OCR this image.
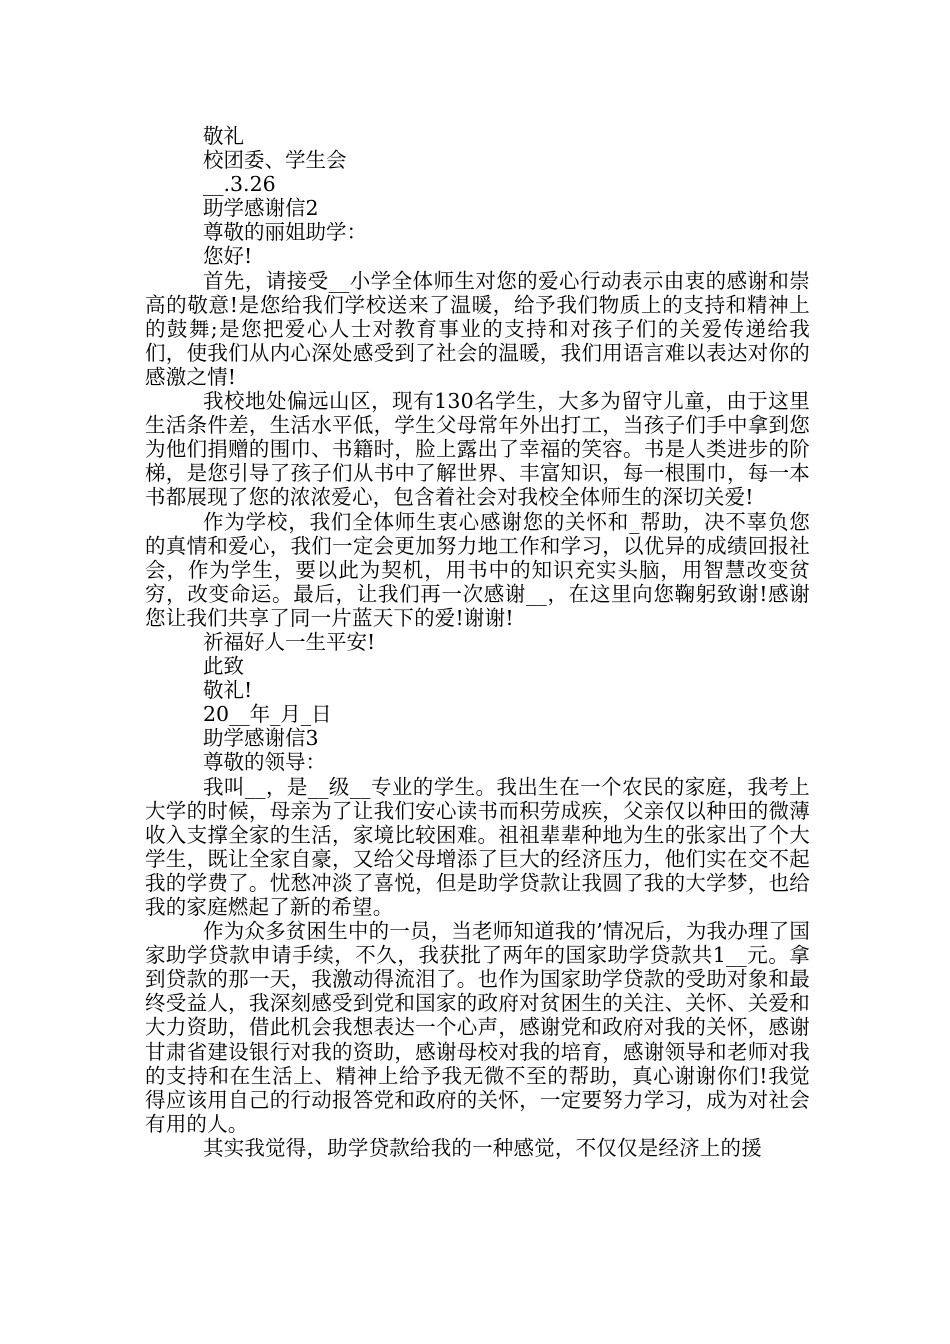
敬礼

校团委、学生会

__.3.26

助学感谢信2

尊敬的丽姐助学：

您好!

首先，请接受__小学全体师生对您的爱心行动表示由衷的感谢和崇高的敬意!是您给我们学校送来了温暖，给予我们物质上的支持和精神上的鼓舞;是您把爱心人士对教育事业的支持和对孩子们的关爱传递给我们，使我们从内心深处感受到了社会的温暖，我们用语言难以表达对你的感激之情!

我校地处偏远山区，现有130名学生，大多为留守儿童，由于这里生活条件差，生活水平低，学生父母常年外出打工，当孩子们手中拿到您为他们捐赠的围巾、书籍时，脸上露出了幸福的笑容。书是人类进步的阶梯，是您引导了孩子们从书中了解世界、丰富知识，每一根围巾，每一本书都展现了您的浓浓爱心，包含着社会对我校全体师生的深切关爱!

作为学校，我们全体师生衷心感谢您的关怀和_帮助，决不辜负您的真情和爱心，我们一定会更加努力地工作和学习，以优异的成绩回报社会，作为学生，要以此为契机，用书中的知识充实头脑，用智慧改变贫穷，改变命运。最后，让我们再一次感谢__，在这里向您鞠躬致谢!感谢您让我们共享了同一片蓝天下的爱!谢谢!

祈福好人一生平安!

此致

敬礼!

20__年_月_日

助学感谢信3

尊敬的领导：

我叫__，是__级__专业的学生。我出生在一个农民的家庭，我考上大学的时候，母亲为了让我们安心读书而积劳成疾，父亲仅以种田的微薄收入支撑全家的生活，家境比较困难。祖祖辈辈种地为生的张家出了个大学生，既让全家自豪，又给父母增添了巨大的经济压力，他们实在交不起我的学费了。忧愁冲淡了喜悦，但是助学贷款让我圆了我的大学梦，也给我的家庭燃起了新的希望。

作为众多贫困生中的一员，当老师知道我的’情况后，为我办理了国家助学贷款申请手续，不久，我获批了两年的国家助学贷款共1__元。拿到贷款的那一天，我激动得流泪了。也作为国家助学贷款的受助对象和最终受益人，我深刻感受到党和国家的政府对贫困生的关注、关怀、关爱和大力资助，借此机会我想表达一个心声，感谢党和政府对我的关怀，感谢甘肃省建设银行对我的资助，感谢母校对我的培育，感谢领导和老师对我的支持和在生活上、精神上给予我无微不至的帮助，真心谢谢你们!我觉得应该用自己的行动报答党和政府的关怀，一定要努力学习，成为对社会有用的人。

其实我觉得，助学贷款给我的一种感觉，不仅仅是经济上的援
